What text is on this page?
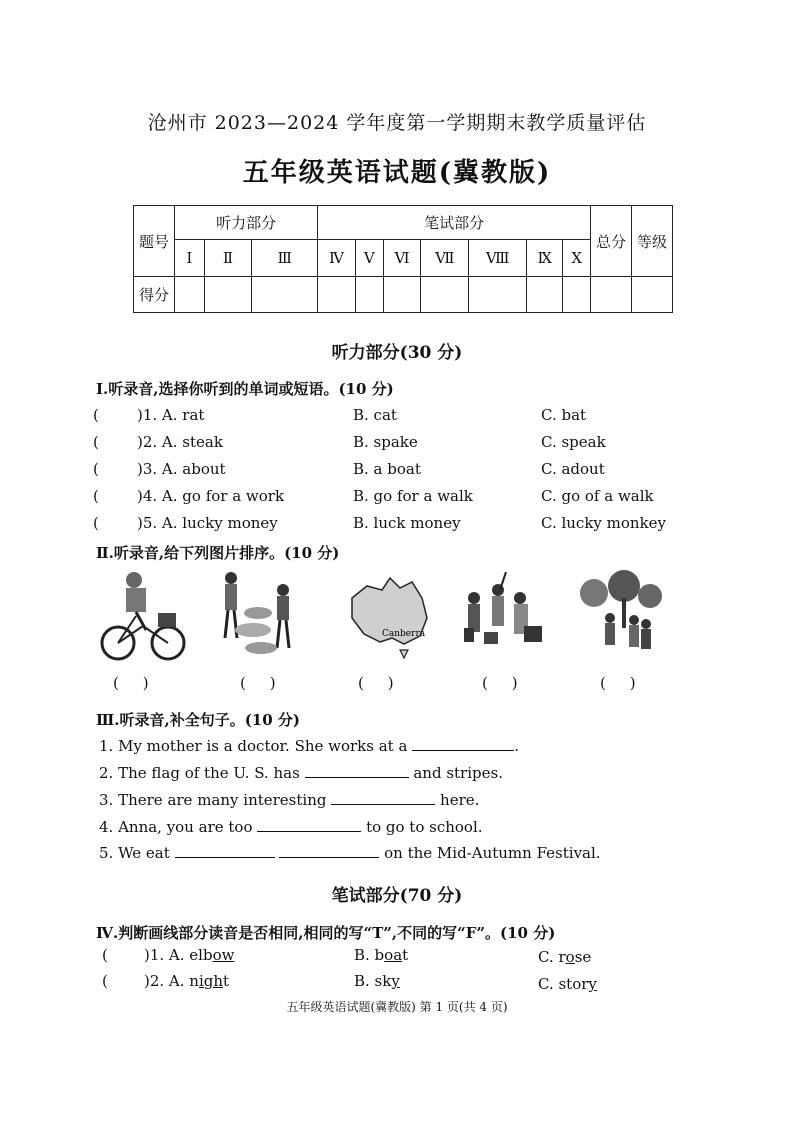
沧州市 2023—2024 学年度第一学期期末教学质量评估
五年级英语试题(冀教版)
题号	听力部分			笔试部分							总分	等级
	Ⅰ	Ⅱ	Ⅲ	Ⅳ	Ⅴ	Ⅵ	Ⅶ	Ⅷ	Ⅸ	Ⅹ		
得分												
听力部分(30 分)
Ⅰ.听录音,选择你听到的单词或短语。(10 分)
(	)1. A. rat	B. cat	C. bat
(	)2. A. steak	B. spake	C. speak
(	)3. A. about	B. a boat	C. adout
(	)4. A. go for a work	B. go for a walk	C. go of a walk
(	)5. A. lucky money	B. luck money	C. lucky monkey
Ⅱ.听录音,给下列图片排序。(10 分)
Canberra
(     )	(     )	(     )	(     )	(     )
Ⅲ.听录音,补全句子。(10 分)
1. My mother is a doctor. She works at a	.
2. The flag of the U. S. has	and stripes.
3. There are many interesting	here.
4. Anna, you are too	to go to school.
5. We eat	on the Mid-Autumn Festival.
笔试部分(70 分)
Ⅳ.判断画线部分读音是否相同,相同的写“T”,不同的写“F”。(10 分)
( )1. A. elbow	B. boat	C. rose
( )2. A. night	B. sky	C. story
五年级英语试题(冀教版) 第 1 页(共 4 页)
